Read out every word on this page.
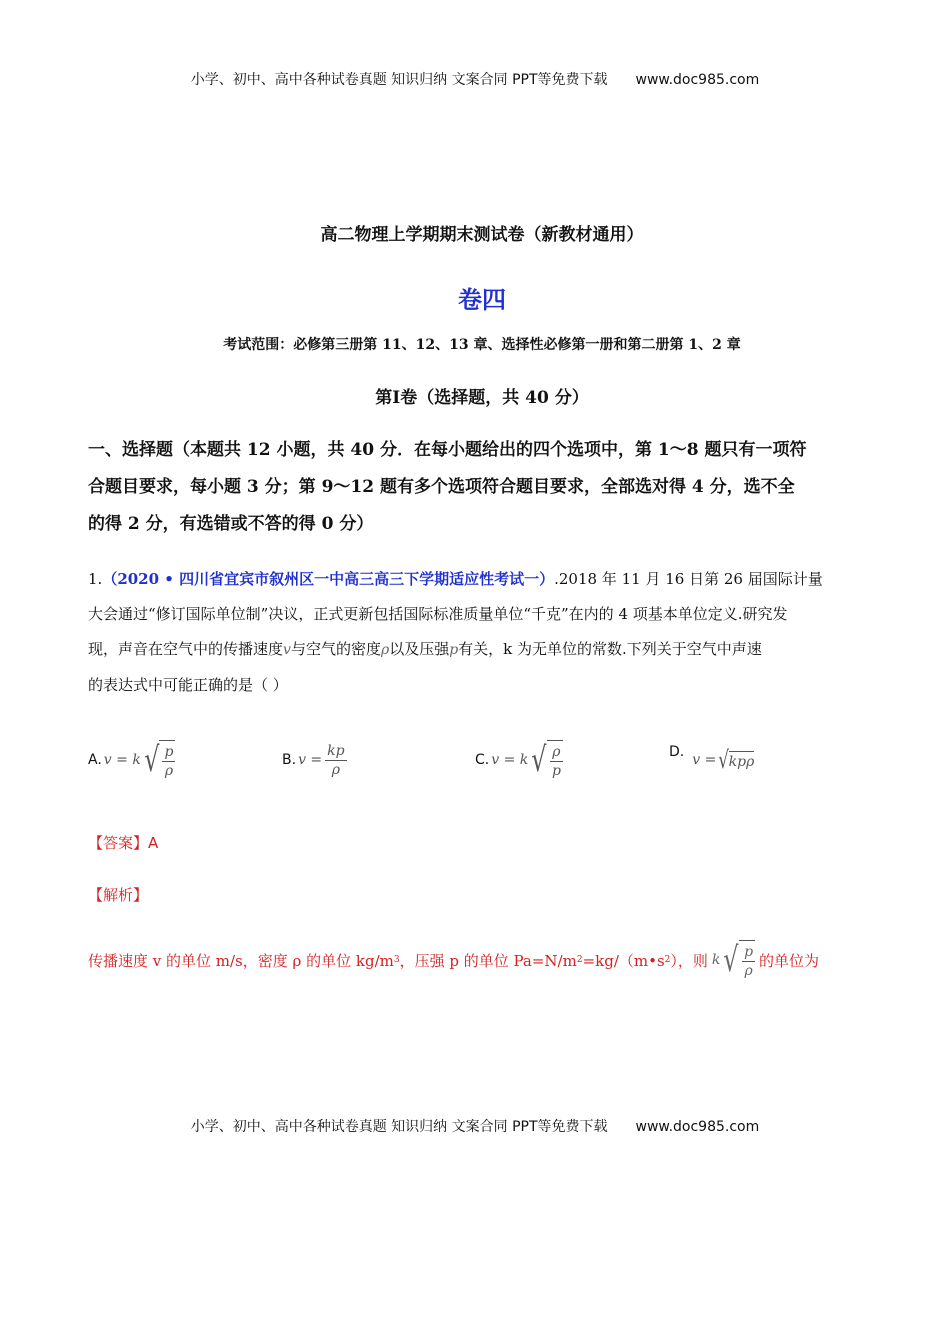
小学、初中、高中各种试卷真题 知识归纳 文案合同 PPT等免费下载 www.doc985.com
高二物理上学期期末测试卷（新教材通用）
卷四
考试范围：必修第三册第 11、12、13 章、选择性必修第一册和第二册第 1、2 章
第Ⅰ卷（选择题，共 40 分）

一、选择题（本题共 12 小题，共 40 分．在每小题给出的四个选项中，第 1～8 题只有一项符

合题目要求，每小题 3 分；第 9～12 题有多个选项符合题目要求，全部选对得 4 分，选不全

的得 2 分，有选错或不答的得 0 分）

1.（2020 • 四川省宜宾市叙州区一中高三高三下学期适应性考试一）.2018 年 11 月 16 日第 26 届国际计量

大会通过“修订国际单位制”决议，正式更新包括国际标准质量单位“千克”在内的 4 项基本单位定义.研究发

现，声音在空气中的传播速度v与空气的密度ρ以及压强p有关，k 为无单位的常数.下列关于空气中声速

的表达式中可能正确的是（ ）

A. v = k √ $\frac{p}{\rho}$	B. $v = \frac{kp}{\rho}$	C. v = k √ $\frac{\rho}{p}$	D. v = √ kpρ
【答案】A
【解析】
传播速度 v 的单位 m/s，密度 ρ 的单位 kg/m 3 ，压强 p 的单位 Pa=N/m 2 =kg/（m•s 2 ），则 k √ $\frac{p}{\rho}$ 的单位为
小学、初中、高中各种试卷真题 知识归纳 文案合同 PPT等免费下载 www.doc985.com
